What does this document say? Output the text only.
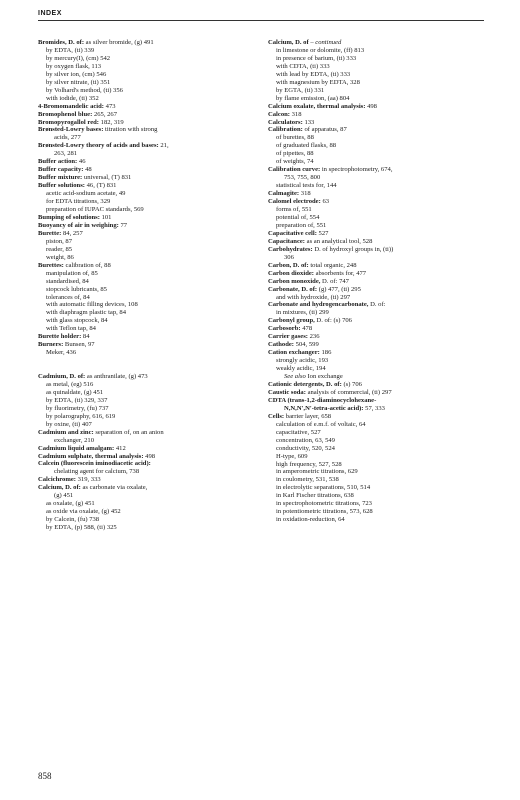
INDEX
Bromides, D. of: as silver bromide, (g) 491
by EDTA, (ti) 339
by mercury(I), (cm) 542
by oxygen flask, 113
by silver ion, (cm) 546
by silver nitrate, (ti) 351
by Volhard's method, (ti) 356
with iodide, (ti) 352
4-Bromomandelic acid: 473
Bromophenol blue: 265, 267
Bromopyrogallol red: 182, 319
Brønsted-Lowry bases: titration with strong
acids, 277
Brønsted-Lowry theory of acids and bases: 21,
263, 281
Buffer action: 46
Buffer capacity: 48
Buffer mixture: universal, (T) 831
Buffer solutions: 46, (T) 831
acetic acid-sodium acetate, 49
for EDTA titrations, 329
preparation of IUPAC standards, 569
Bumping of solutions: 101
Buoyancy of air in weighing: 77
Burette: 84, 257
piston, 87
reader, 85
weight, 86
Burettes: calibration of, 88
manipulation of, 85
standardised, 84
stopcock lubricants, 85
tolerances of, 84
with automatic filling devices, 108
with diaphragm plastic tap, 84
with glass stopcock, 84
with Teflon tap, 84
Burette holder: 84
Burners: Bunsen, 97
Meker, 436
Cadmium, D. of: as anthranilate, (g) 473
as metal, (eg) 516
as quinaldate, (g) 451
by EDTA, (ti) 329, 337
by fluorimetry, (fu) 737
by polarography, 616, 619
by oxine, (ti) 407
Cadmium and zinc: separation of, on an anion
exchanger, 210
Cadmium liquid amalgam: 412
Cadmium sulphate, thermal analysis: 498
Calcein (fluorescein iminodiacetic acid):
chelating agent for calcium, 738
Calcichrome: 319, 333
Calcium, D. of: as carbonate via oxalate,
(g) 451
as oxalate, (g) 451
as oxide via oxalate, (g) 452
by Calcein, (fu) 738
by EDTA, (p) 588, (ti) 325
Calcium, D. of – continued
in limestone or dolomite, (ff) 813
in presence of barium, (ti) 333
with CDTA, (ti) 333
with lead by EDTA, (ti) 333
with magnesium by EDTA, 328
by EGTA, (ti) 331
by flame emission, (aa) 804
Calcium oxalate, thermal analysis: 498
Calcon: 318
Calculators: 133
Calibration: of apparatus, 87
of burettes, 88
of graduated flasks, 88
of pipettes, 88
of weights, 74
Calibration curve: in spectrophotometry, 674,
753, 755, 800
statistical tests for, 144
Calmagite: 318
Calomel electrode: 63
forms of, 551
potential of, 554
preparation of, 551
Capacitative cell: 527
Capacitance: as an analytical tool, 528
Carbohydrates: D. of hydroxyl groups in, (ti))
306
Carbon, D. of: total organic, 248
Carbon dioxide: absorbents for, 477
Carbon monoxide, D. of: 747
Carbonate, D. of: (g) 477, (ti) 295
and with hydroxide, (ti) 297
Carbonate and hydrogencarbonate, D. of:
in mixtures, (ti) 299
Carbonyl group, D. of: (s) 706
Carbosorb: 478
Carrier gases: 236
Cathode: 504, 599
Cation exchanger: 186
strongly acidic, 193
weakly acidic, 194
See also Ion exchange
Cationic detergents, D. of: (s) 706
Caustic soda: analysis of commercial, (ti) 297
CDTA (trans-1,2-diaminocyclohexane-
N,N,N′,N′-tetra-acetic acid): 57, 333
Cells: barrier layer, 658
calculation of e.m.f. of voltaic, 64
capacitative, 527
concentration, 63, 549
conductivity, 520, 524
H-type, 609
high frequency, 527, 528
in amperometric titrations, 629
in coulometry, 531, 538
in electrolytic separations, 510, 514
in Karl Fischer titrations, 638
in spectrophotometric titrations, 723
in potentiometric titrations, 573, 628
in oxidation-reduction, 64
858
